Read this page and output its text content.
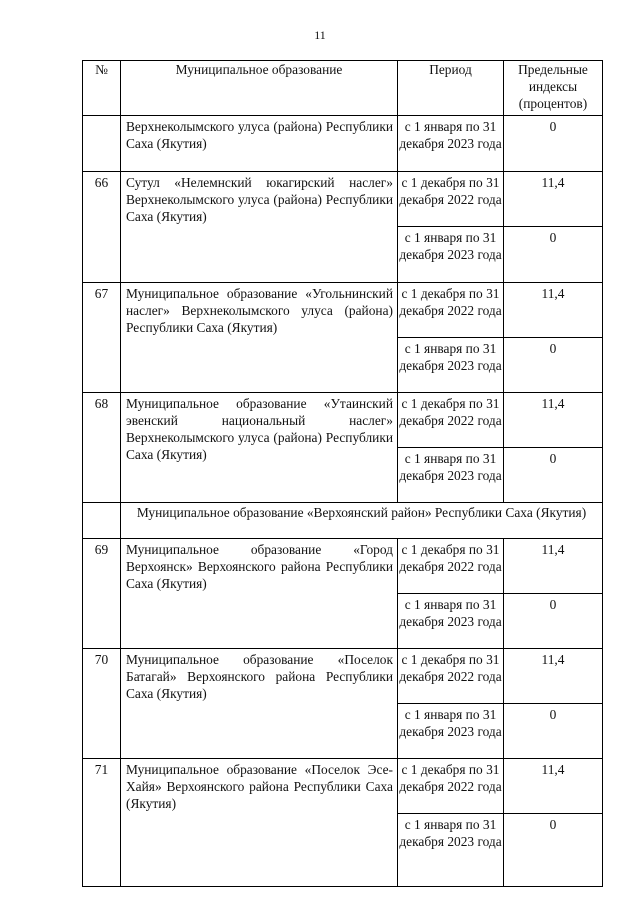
11
№	Муниципальное образование	Период	Предельные индексы (процентов)
	Верхнеколымского улуса (района) Республики Саха (Якутия)	с 1 января по 31 декабря 2023 года	0
66	Сутул «Нелемнский юкагирский наслег» Верхнеколымского улуса (района) Республики Саха (Якутия)	с 1 декабря по 31 декабря 2022 года	11,4
		с 1 января по 31 декабря 2023 года	0
67	Муниципальное образование «Угольнинский наслег» Верхнеколымского улуса (района) Республики Саха (Якутия)	с 1 декабря по 31 декабря 2022 года	11,4
		с 1 января по 31 декабря 2023 года	0
68	Муниципальное образование «Утаинский эвенский национальный наслег» Верхнеколымского улуса (района) Республики Саха (Якутия)	с 1 декабря по 31 декабря 2022 года	11,4
		с 1 января по 31 декабря 2023 года	0
	Муниципальное образование «Верхоянский район» Республики Саха (Якутия)		
69	Муниципальное образование «Город Верхоянск» Верхоянского района Республики Саха (Якутия)	с 1 декабря по 31 декабря 2022 года	11,4
		с 1 января по 31 декабря 2023 года	0
70	Муниципальное образование «Поселок Батагай» Верхоянского района Республики Саха (Якутия)	с 1 декабря по 31 декабря 2022 года	11,4
		с 1 января по 31 декабря 2023 года	0
71	Муниципальное образование «Поселок Эсе-Хайя» Верхоянского района Республики Саха (Якутия)	с 1 декабря по 31 декабря 2022 года	11,4
		с 1 января по 31 декабря 2023 года	0
